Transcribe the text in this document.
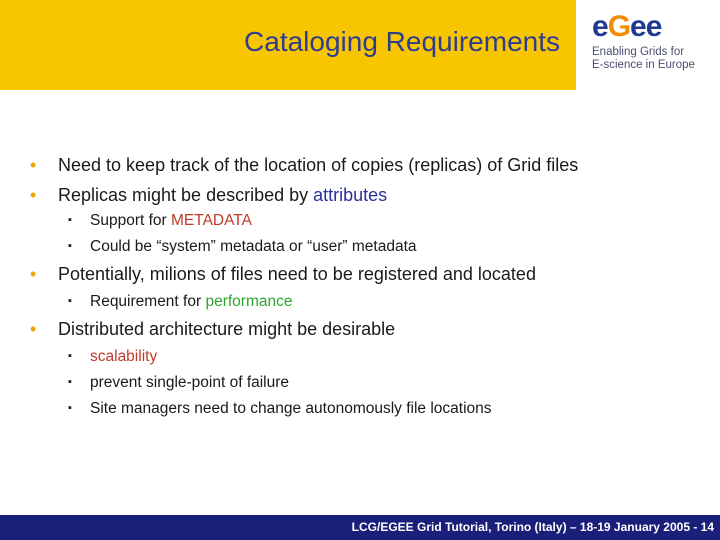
Cataloging Requirements eGee
Enabling Grids for
E-science in Europe
• Need to keep track of the location of copies (replicas) of Grid files
• Replicas might be described by attributes
▪ Support for METADATA
▪ Could be “system” metadata or “user” metadata
• Potentially, milions of files need to be registered and located
▪ Requirement for performance
• Distributed architecture might be desirable
▪ scalability
▪ prevent single-point of failure
▪ Site managers need to change autonomously file locations
LCG/EGEE Grid Tutorial, Torino (Italy) – 18-19 January 2005 - 14
